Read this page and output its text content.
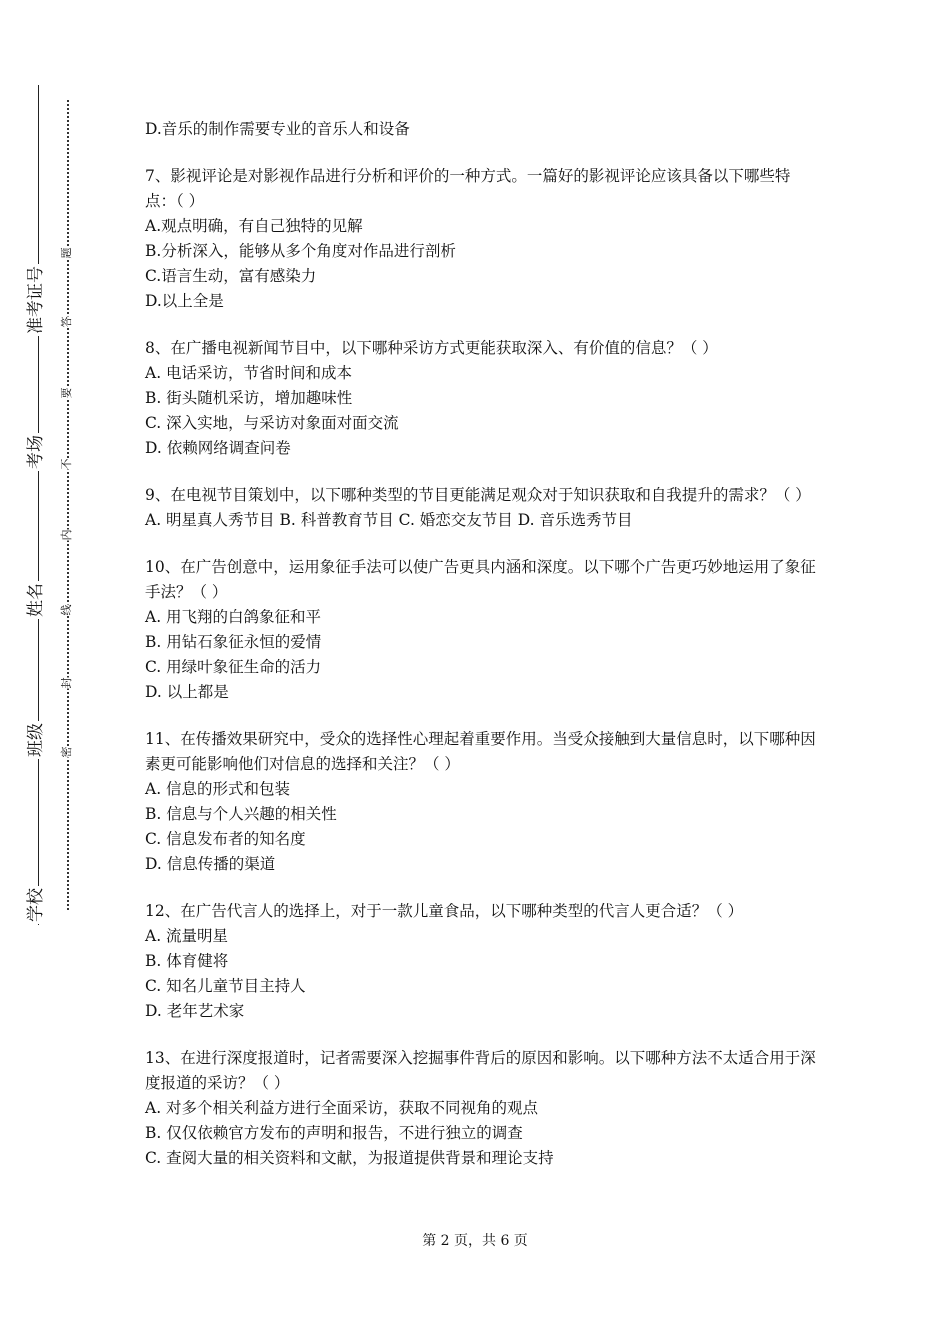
准考证号
考场
姓名
班级
学校
题
答
要
不
内
线
封
密
D.音乐的制作需要专业的音乐人和设备
7、影视评论是对影视作品进行分析和评价的一种方式。一篇好的影视评论应该具备以下哪些特点：（ ）
A.观点明确，有自己独特的见解
B.分析深入，能够从多个角度对作品进行剖析
C.语言生动，富有感染力
D.以上全是
8、在广播电视新闻节目中，以下哪种采访方式更能获取深入、有价值的信息？（ ）
A. 电话采访，节省时间和成本
B. 街头随机采访，增加趣味性
C. 深入实地，与采访对象面对面交流
D. 依赖网络调查问卷
9、在电视节目策划中，以下哪种类型的节目更能满足观众对于知识获取和自我提升的需求？（ ）
A. 明星真人秀节目 B. 科普教育节目 C. 婚恋交友节目 D. 音乐选秀节目
10、在广告创意中，运用象征手法可以使广告更具内涵和深度。以下哪个广告更巧妙地运用了象征手法？（ ）
A. 用飞翔的白鸽象征和平
B. 用钻石象征永恒的爱情
C. 用绿叶象征生命的活力
D. 以上都是
11、在传播效果研究中，受众的选择性心理起着重要作用。当受众接触到大量信息时，以下哪种因素更可能影响他们对信息的选择和关注？（ ）
A. 信息的形式和包装
B. 信息与个人兴趣的相关性
C. 信息发布者的知名度
D. 信息传播的渠道
12、在广告代言人的选择上，对于一款儿童食品，以下哪种类型的代言人更合适？（ ）
A. 流量明星
B. 体育健将
C. 知名儿童节目主持人
D. 老年艺术家
13、在进行深度报道时，记者需要深入挖掘事件背后的原因和影响。以下哪种方法不太适合用于深度报道的采访？（ ）
A. 对多个相关利益方进行全面采访，获取不同视角的观点
B. 仅仅依赖官方发布的声明和报告，不进行独立的调查
C. 查阅大量的相关资料和文献，为报道提供背景和理论支持
第 2 页，共 6 页
